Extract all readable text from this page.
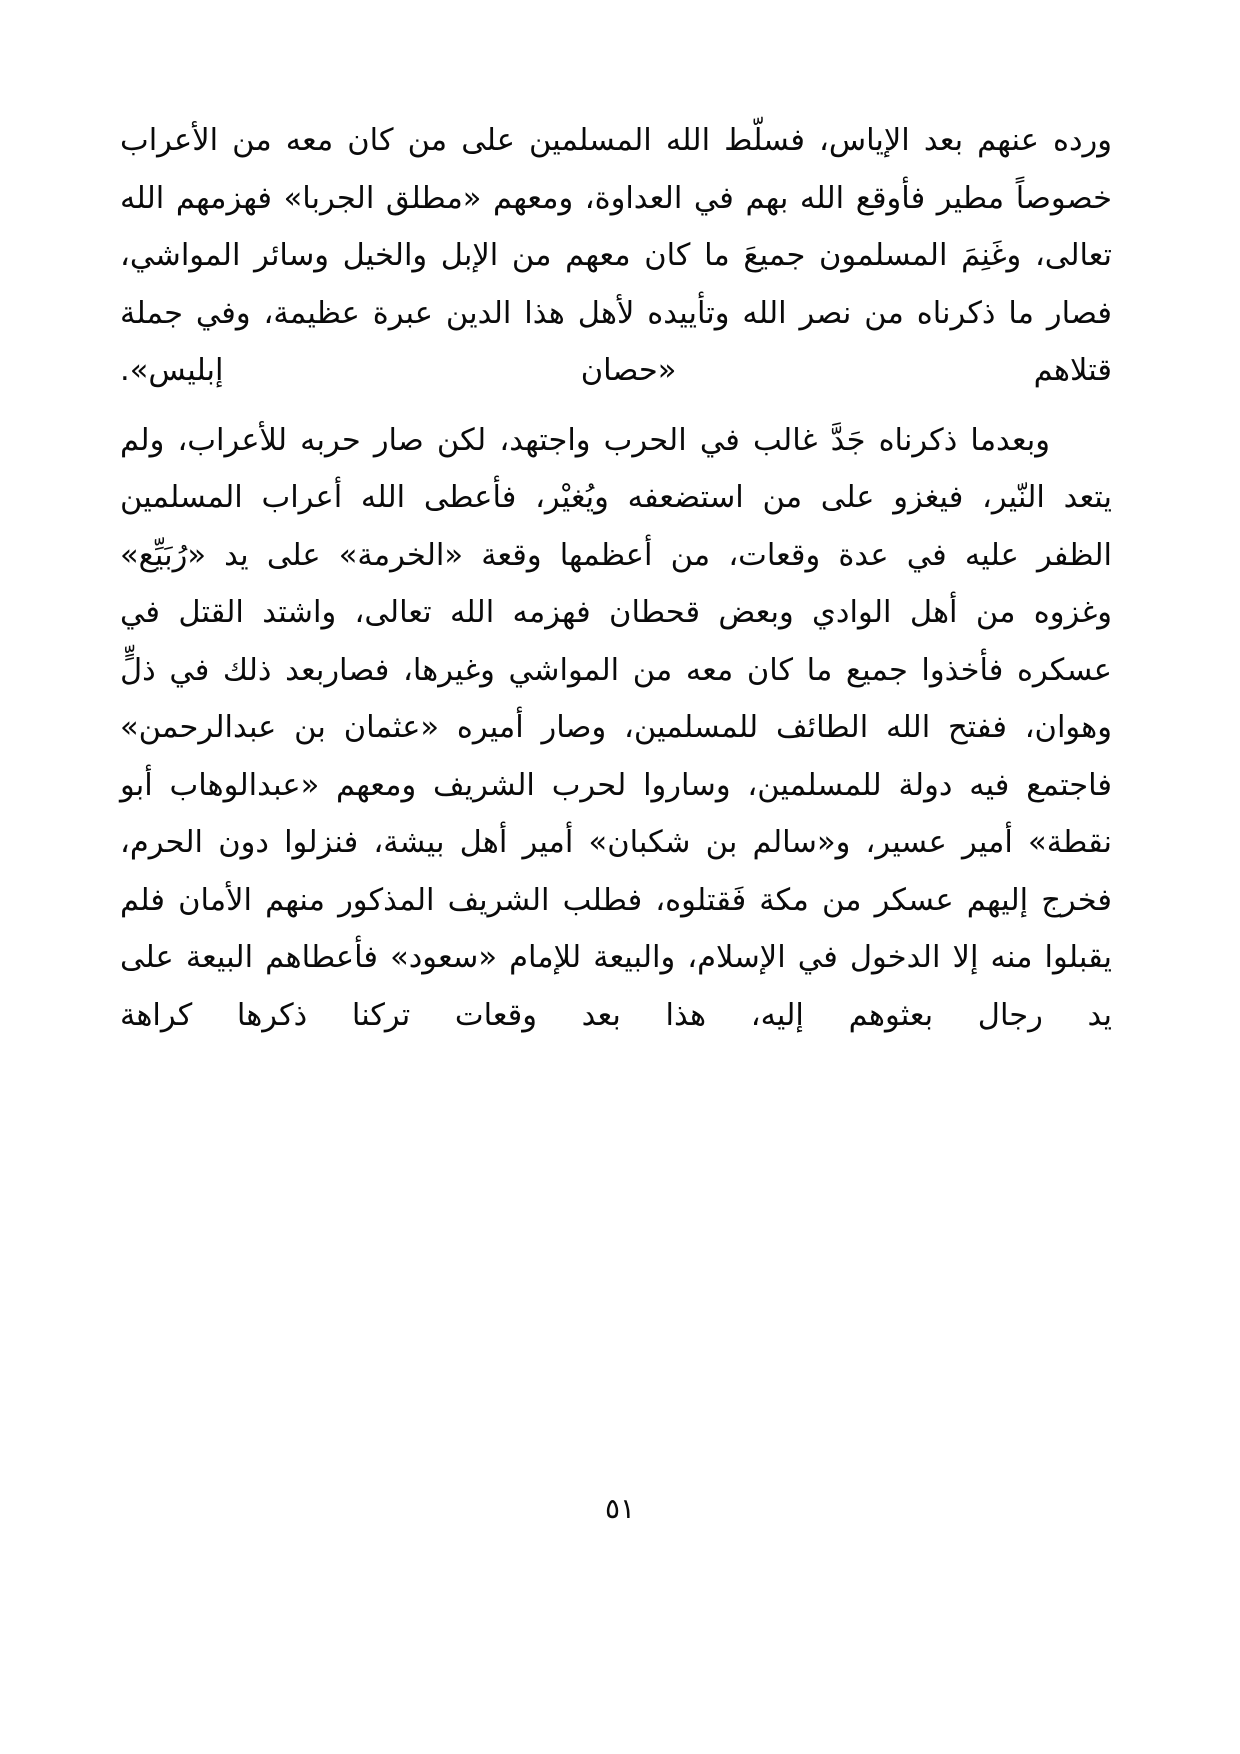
ورده عنهم بعد الإياس، فسلّط الله المسلمين على من كان معه من الأعراب خصوصاً مطير فأوقع الله بهم في العداوة، ومعهم «مطلق الجربا» فهزمهم الله تعالى، وغَنِمَ المسلمون جميعَ ما كان معهم من الإبل والخيل وسائر المواشي، فصار ما ذكرناه من نصر الله وتأييده لأهل هذا الدين عبرة عظيمة، وفي جملة قتلاهم «حصان إبليس».

وبعدما ذكرناه جَدَّ غالب في الحرب واجتهد، لكن صار حربه للأعراب، ولم يتعد النّير، فيغزو على من استضعفه ويُغيْر، فأعطى الله أعراب المسلمين الظفر عليه في عدة وقعات، من أعظمها وقعة «الخرمة» على يد «رُبَيِّع» وغزوه من أهل الوادي وبعض قحطان فهزمه الله تعالى، واشتد القتل في عسكره فأخذوا جميع ما كان معه من المواشي وغيرها، فصاربعد ذلك في ذلٍّ وهوان، ففتح الله الطائف للمسلمين، وصار أميره «عثمان بن عبدالرحمن» فاجتمع فيه دولة للمسلمين، وساروا لحرب الشريف ومعهم «عبدالوهاب أبو نقطة» أمير عسير، و«سالم بن شكبان» أمير أهل بيشة، فنزلوا دون الحرم، فخرج إليهم عسكر من مكة فَقتلوه، فطلب الشريف المذكور منهم الأمان فلم يقبلوا منه إلا الدخول في الإسلام، والبيعة للإمام «سعود» فأعطاهم البيعة على يد رجال بعثوهم إليه، هذا بعد وقعات تركنا ذكرها كراهة

٥١
